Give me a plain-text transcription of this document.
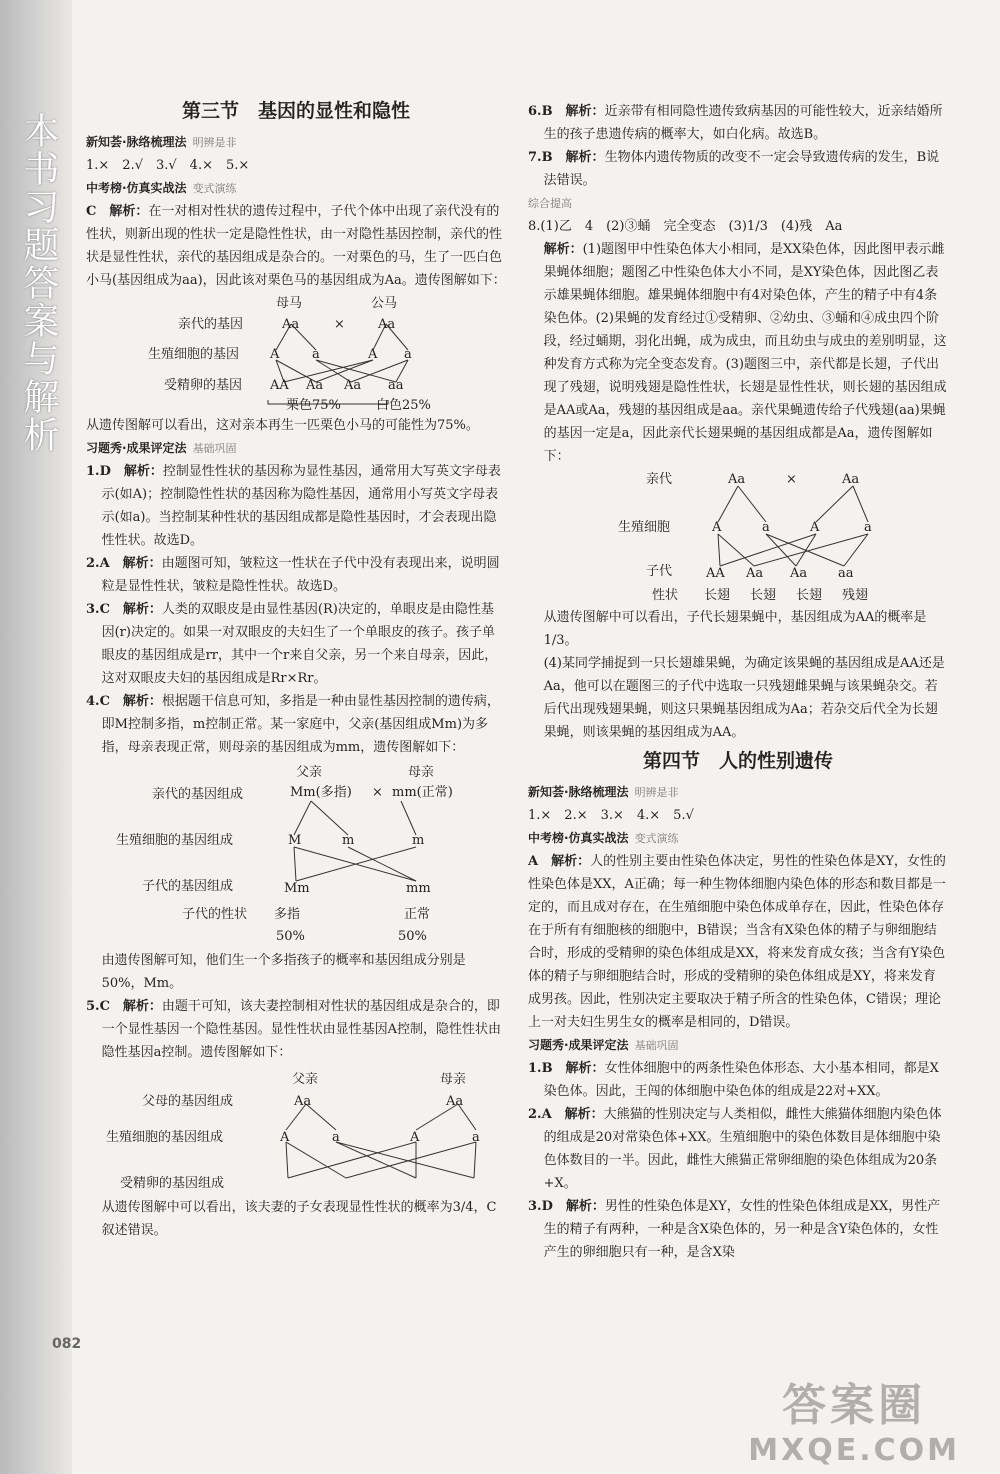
本书习题答案与解析
082
第三节　基因的显性和隐性

新知荟·脉络梳理法 明辨是非

1.×　2.√　3.√　4.×　5.×

中考榜·仿真实战法 变式演练

C　解析：在一对相对性状的遗传过程中，子代个体中出现了亲代没有的性状，则新出现的性状一定是隐性性状，由一对隐性基因控制，亲代的性状是显性性状，亲代的基因组成是杂合的。一对栗色的马，生了一匹白色小马(基因组成为aa)，因此该对栗色马的基因组成为Aa。遗传图解如下：

母马	公马
亲代的基因	Aa	×	Aa
生殖细胞的基因 A	a	A a
受精卵的基因 AA Aa Aa aa
栗色75%	白色25%

从遗传图解可以看出，这对亲本再生一匹栗色小马的可能性为75%。

习题秀·成果评定法 基础巩固

1.D　解析：控制显性性状的基因称为显性基因，通常用大写英文字母表示(如A)；控制隐性性状的基因称为隐性基因，通常用小写英文字母表示(如a)。当控制某种性状的基因组成都是隐性基因时，才会表现出隐性性状。故选D。

2.A　解析：由题图可知，皱粒这一性状在子代中没有表现出来，说明圆粒是显性性状，皱粒是隐性性状。故选D。

3.C　解析：人类的双眼皮是由显性基因(R)决定的，单眼皮是由隐性基因(r)决定的。如果一对双眼皮的夫妇生了一个单眼皮的孩子。孩子单眼皮的基因组成是rr，其中一个r来自父亲，另一个来自母亲，因此，这对双眼皮夫妇的基因组成是Rr×Rr。

4.C　解析：根据题干信息可知，多指是一种由显性基因控制的遗传病，即M控制多指，m控制正常。某一家庭中，父亲(基因组成Mm)为多指，母亲表现正常，则母亲的基因组成为mm，遗传图解如下：

父亲	母亲
亲代的基因组成	Mm(多指) × mm(正常)
生殖细胞的基因组成	M	m	m
子代的基因组成	Mm	mm
子代的性状 多指	正常
50%	50%

由遗传图解可知，他们生一个多指孩子的概率和基因组成分别是50%，Mm。

5.C　解析：由题干可知，该夫妻控制相对性状的基因组成是杂合的，即一个显性基因一个隐性基因。显性性状由显性基因A控制，隐性性状由隐性基因a控制。遗传图解如下：

父亲	母亲
父母的基因组成	Aa	Aa
生殖细胞的基因组成	A	a	A	a
受精卵的基因组成

从遗传图解中可以看出，该夫妻的子女表现显性性状的概率为3/4，C叙述错误。

6.B　解析：近亲带有相同隐性遗传致病基因的可能性较大，近亲结婚所生的孩子患遗传病的概率大，如白化病。故选B。

7.B　解析：生物体内遗传物质的改变不一定会导致遗传病的发生，B说法错误。

综合提高

8.(1)乙　4　(2)③蛹　完全变态　(3)1/3　(4)残　Aa

解析：(1)题图甲中性染色体大小相同，是XX染色体，因此图甲表示雌果蝇体细胞；题图乙中性染色体大小不同，是XY染色体，因此图乙表示雄果蝇体细胞。雄果蝇体细胞中有4对染色体，产生的精子中有4条染色体。(2)果蝇的发育经过①受精卵、②幼虫、③蛹和④成虫四个阶段，经过蛹期，羽化出蝇，成为成虫，而且幼虫与成虫的差别明显，这种发育方式称为完全变态发育。(3)题图三中，亲代都是长翅，子代出现了残翅，说明残翅是隐性性状，长翅是显性性状，则长翅的基因组成是AA或Aa，残翅的基因组成是aa。亲代果蝇遗传给子代残翅(aa)果蝇的基因一定是a，因此亲代长翅果蝇的基因组成都是Aa，遗传图解如下：

亲代	Aa	×	Aa
生殖细胞	A	a	A	a
子代	AA Aa Aa aa
性状 长翅 长翅 长翅 残翅

从遗传图解中可以看出，子代长翅果蝇中，基因组成为AA的概率是1/3。

(4)某同学捕捉到一只长翅雄果蝇，为确定该果蝇的基因组成是AA还是Aa，他可以在题图三的子代中选取一只残翅雌果蝇与该果蝇杂交。若后代出现残翅果蝇，则这只果蝇基因组成为Aa；若杂交后代全为长翅果蝇，则该果蝇的基因组成为AA。

第四节　人的性别遗传

新知荟·脉络梳理法 明辨是非

1.×　2.×　3.×　4.×　5.√

中考榜·仿真实战法 变式演练

A　解析：人的性别主要由性染色体决定，男性的性染色体是XY，女性的性染色体是XX，A正确；每一种生物体细胞内染色体的形态和数目都是一定的，而且成对存在，在生殖细胞中染色体成单存在，因此，性染色体存在于所有有细胞核的细胞中，B错误；当含有X染色体的精子与卵细胞结合时，形成的受精卵的染色体组成是XX，将来发育成女孩；当含有Y染色体的精子与卵细胞结合时，形成的受精卵的染色体组成是XY，将来发育成男孩。因此，性别决定主要取决于精子所含的性染色体，C错误；理论上一对夫妇生男生女的概率是相同的，D错误。

习题秀·成果评定法 基础巩固

1.B　解析：女性体细胞中的两条性染色体形态、大小基本相同，都是X染色体。因此，王闯的体细胞中染色体的组成是22对+XX。

2.A　解析：大熊猫的性别决定与人类相似，雌性大熊猫体细胞内染色体的组成是20对常染色体+XX。生殖细胞中的染色体数目是体细胞中染色体数目的一半。因此，雌性大熊猫正常卵细胞的染色体组成为20条+X。

3.D　解析：男性的性染色体是XY，女性的性染色体组成是XX，男性产生的精子有两种，一种是含X染色体的，另一种是含Y染色体的，女性产生的卵细胞只有一种，是含X染

答案圈
MXQE.COM
